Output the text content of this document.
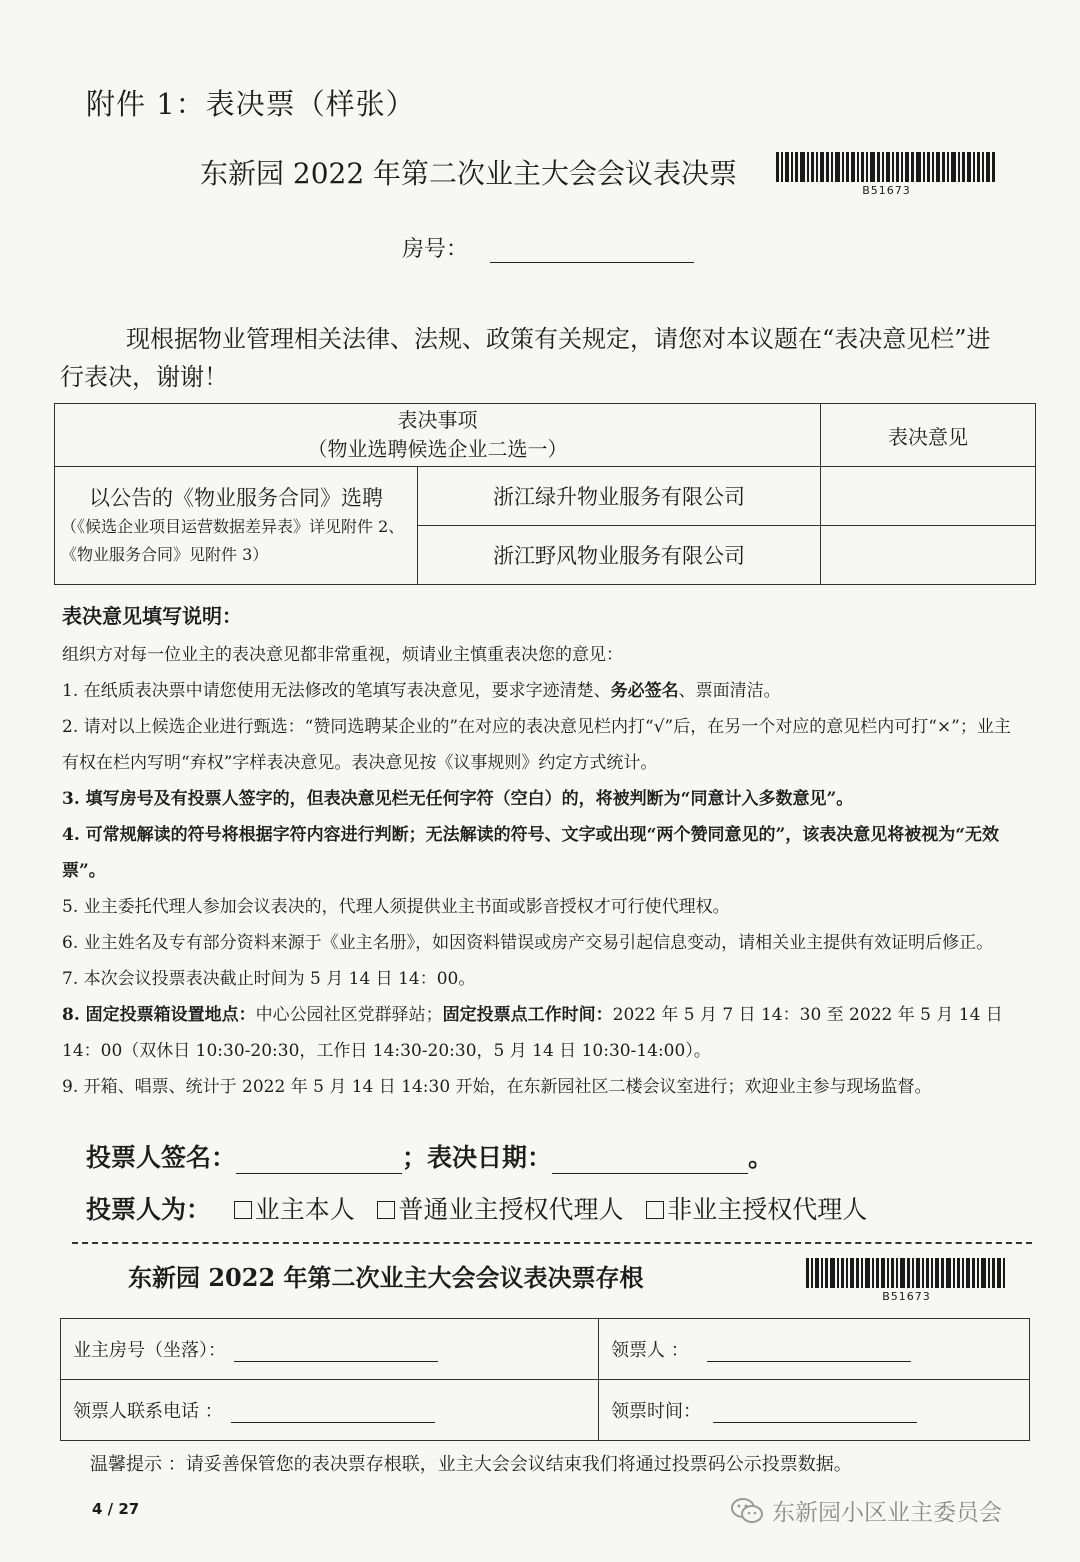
附件 1：表决票（样张）
东新园 2022 年第二次业主大会会议表决票
B51673
房号：
现根据物业管理相关法律、法规、政策有关规定，请您对本议题在“表决意见栏”进行表决，谢谢！
表决事项
（物业选聘候选企业二选一）		表决意见

以公告的《物业服务合同》选聘
（《候选企业项目运营数据差异表》详见附件 2、《物业服务合同》见附件 3）	浙江绿升物业服务有限公司	
	浙江野风物业服务有限公司	
表决意见填写说明：

组织方对每一位业主的表决意见都非常重视，烦请业主慎重表决您的意见：

1. 在纸质表决票中请您使用无法修改的笔填写表决意见，要求字迹清楚、务必签名、票面清洁。

2. 请对以上候选企业进行甄选：“赞同选聘某企业的”在对应的表决意见栏内打“√”后，在另一个对应的意见栏内可打“×”；业主有权在栏内写明“弃权”字样表决意见。表决意见按《议事规则》约定方式统计。

3. 填写房号及有投票人签字的，但表决意见栏无任何字符（空白）的，将被判断为“同意计入多数意见”。

4. 可常规解读的符号将根据字符内容进行判断；无法解读的符号、文字或出现“两个赞同意见的”，该表决意见将被视为“无效票”。

5. 业主委托代理人参加会议表决的，代理人须提供业主书面或影音授权才可行使代理权。

6. 业主姓名及专有部分资料来源于《业主名册》，如因资料错误或房产交易引起信息变动，请相关业主提供有效证明后修正。

7. 本次会议投票表决截止时间为 5 月 14 日 14：00。

8. 固定投票箱设置地点：中心公园社区党群驿站；固定投票点工作时间：2022 年 5 月 7 日 14：30 至 2022 年 5 月 14 日 14：00（双休日 10:30-20:30，工作日 14:30-20:30，5 月 14 日 10:30-14:00）。

9. 开箱、唱票、统计于 2022 年 5 月 14 日 14:30 开始，在东新园社区二楼会议室进行；欢迎业主参与现场监督。

投票人签名：	；表决日期：	。
投票人为： 业主本人 普通业主授权代理人 非业主授权代理人
东新园 2022 年第二次业主大会会议表决票存根
B51673
业主房号（坐落）：	领票人 ：
领票人联系电话 ：	领票时间：
温馨提示 ：请妥善保管您的表决票存根联，业主大会会议结束我们将通过投票码公示投票数据。
4 / 27	东新园小区业主委员会
